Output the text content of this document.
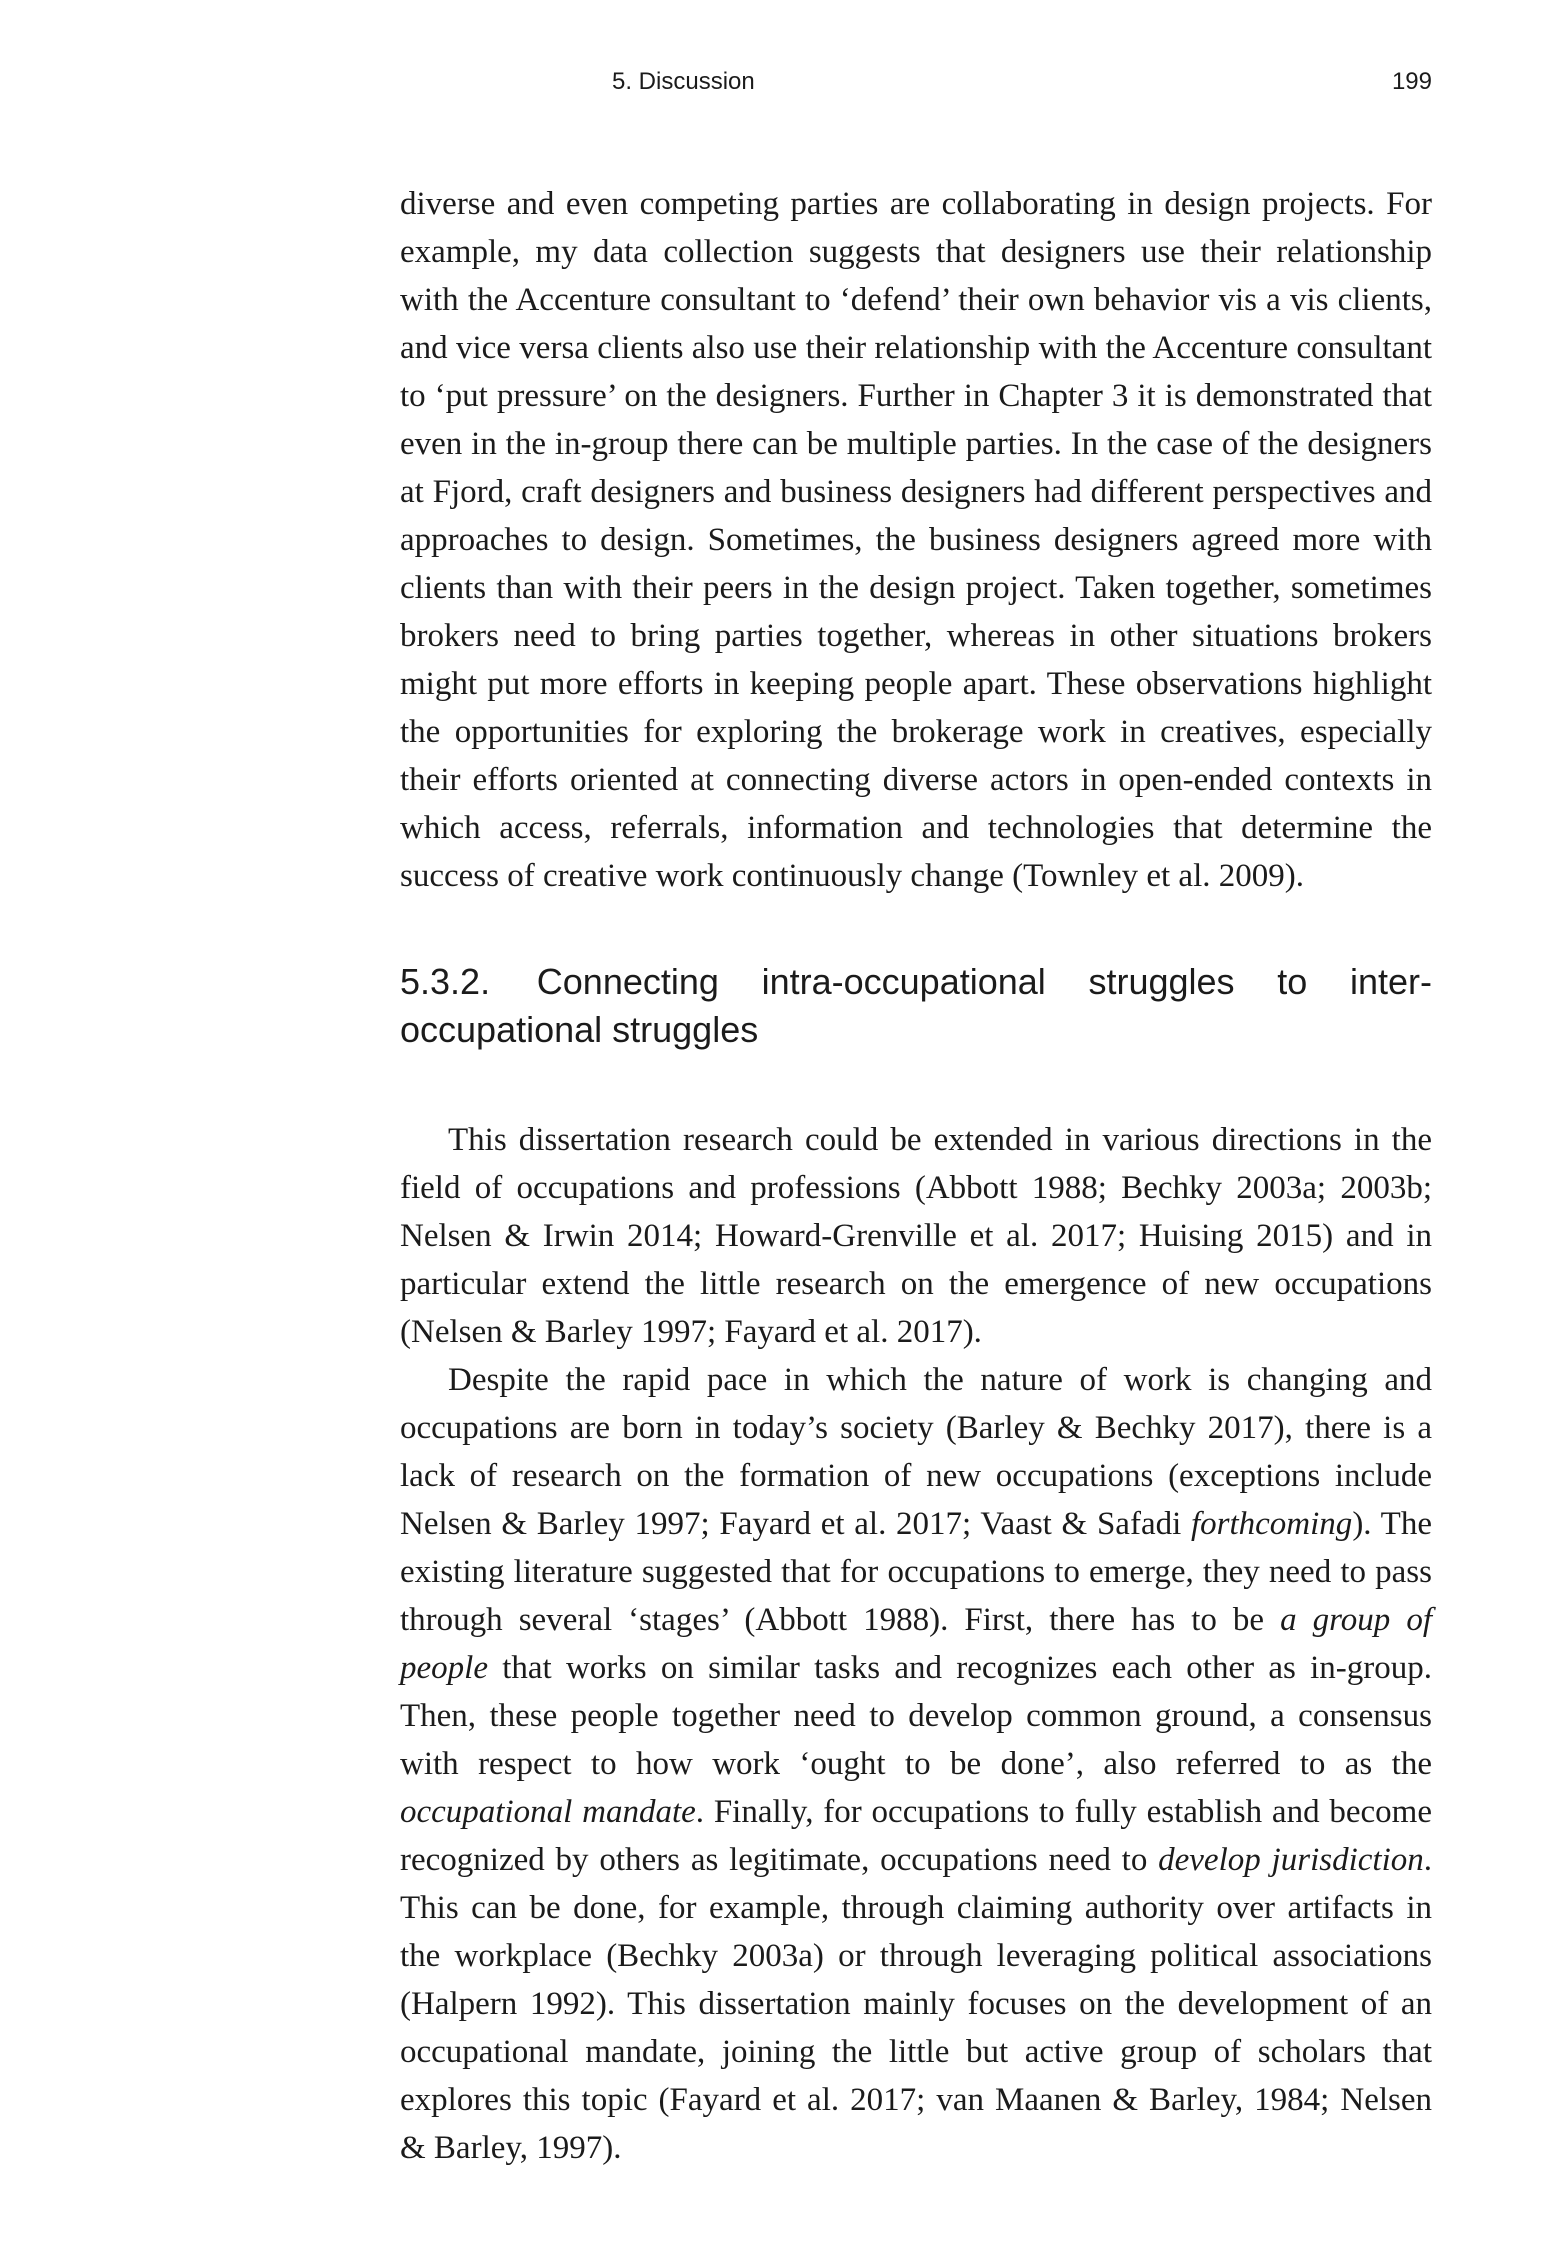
5. Discussion	199

diverse and even competing parties are collaborating in design projects. For example, my data collection suggests that designers use their relationship with the Accenture consultant to ‘defend’ their own behavior vis a vis clients, and vice versa clients also use their relationship with the Accenture consultant to ‘put pressure’ on the designers. Further in Chapter 3 it is demonstrated that even in the in-group there can be multiple parties. In the case of the designers at Fjord, craft designers and business designers had different perspectives and approaches to design. Sometimes, the business designers agreed more with clients than with their peers in the design project. Taken together, sometimes brokers need to bring parties together, whereas in other situations brokers might put more efforts in keeping people apart. These observations highlight the opportunities for exploring the brokerage work in creatives, especially their efforts oriented at connecting diverse actors in open-ended contexts in which access, referrals, information and technologies that determine the success of creative work continuously change (Townley et al. 2009).

5.3.2. Connecting intra-occupational struggles to inter-occupational struggles

This dissertation research could be extended in various directions in the field of occupations and professions (Abbott 1988; Bechky 2003a; 2003b; Nelsen & Irwin 2014; Howard-Grenville et al. 2017; Huising 2015) and in particular extend the little research on the emergence of new occupations (Nelsen & Barley 1997; Fayard et al. 2017).

Despite the rapid pace in which the nature of work is changing and occupations are born in today’s society (Barley & Bechky 2017), there is a lack of research on the formation of new occupations (exceptions include Nelsen & Barley 1997; Fayard et al. 2017; Vaast & Safadi forthcoming). The existing literature suggested that for occupations to emerge, they need to pass through several ‘stages’ (Abbott 1988). First, there has to be a group of people that works on similar tasks and recognizes each other as in-group. Then, these people together need to develop common ground, a consensus with respect to how work ‘ought to be done’, also referred to as the occupational mandate. Finally, for occupations to fully establish and become recognized by others as legitimate, occupations need to develop jurisdiction. This can be done, for example, through claiming authority over artifacts in the workplace (Bechky 2003a) or through leveraging political associations (Halpern 1992). This dissertation mainly focuses on the development of an occupational mandate, joining the little but active group of scholars that explores this topic (Fayard et al. 2017; van Maanen & Barley, 1984; Nelsen & Barley, 1997).
